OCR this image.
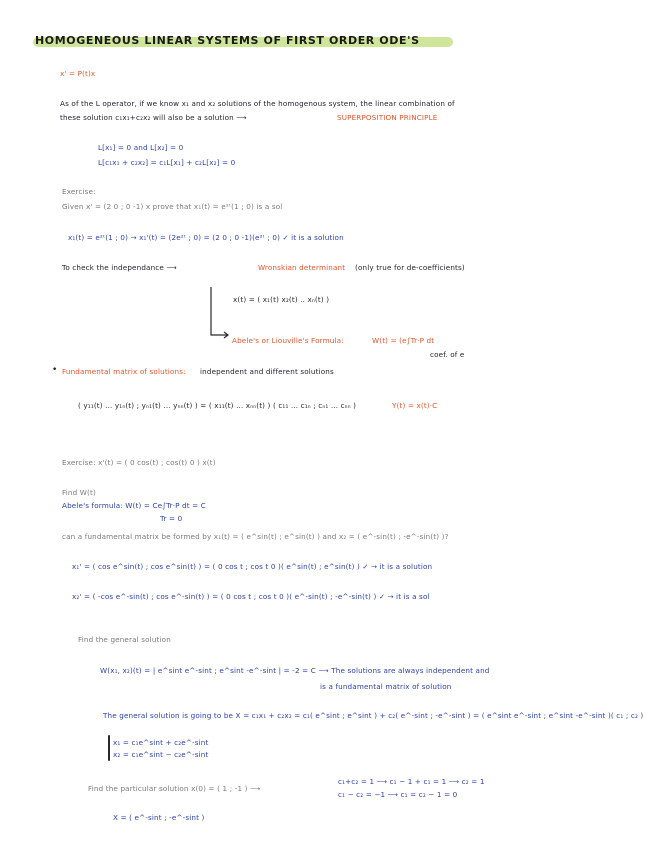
HOMOGENEOUS LINEAR SYSTEMS OF FIRST ORDER ODE'S
x' = P(t)x
As of the L operator, if we know x₁ and x₂ solutions of the homogenous system, the linear combination of
these solution c₁x₁+c₂x₂ will also be a solution ⟶	SUPERPOSITION PRINCIPLE
L[x₁] = 0 and L[x₂] = 0
L[c₁x₁ + c₂x₂] = c₁L[x₁] + c₂L[x₂] = 0
Exercise:
Given x' = (2 0 ; 0 -1) x prove that x₁(t) = e²ᵗ(1 ; 0) is a sol
x₁(t) = e²ᵗ(1 ; 0) → x₁'(t) = (2e²ᵗ ; 0) = (2 0 ; 0 -1)(e²ᵗ ; 0) ✓ it is a solution
To check the independance ⟶	Wronskian determinant (only true for de-coefficients)
x(t) = ( x₁(t) x₂(t) .. xₙ(t) )
Abele's or Liouville's Formula:	W(t) = (e∫Tr·P dt
coef. of e
• Fundamental matrix of solutions: independent and different solutions
( y₁₁(t) ... y₁ₙ(t) ; yₙ₁(t) ... yₙₙ(t) ) = ( x₁₁(t) ... xₙₙ(t) ) ( c₁₁ ... c₁ₙ ; cₙ₁ ... cₙₙ )	Y(t) = x(t)·C
Exercise: x'(t) = ( 0 cos(t) ; cos(t) 0 ) x(t)
Find W(t)
Abele's formula: W(t) = Ce∫Tr·P dt = C
Tr = 0
can a fundamental matrix be formed by x₁(t) = ( e^sin(t) ; e^sin(t) ) and x₂ = ( e^-sin(t) ; -e^-sin(t) )?
x₁' = ( cos e^sin(t) ; cos e^sin(t) ) = ( 0 cos t ; cos t 0 )( e^sin(t) ; e^sin(t) ) ✓ → it is a solution
x₂' = ( -cos e^-sin(t) ; cos e^-sin(t) ) = ( 0 cos t ; cos t 0 )( e^-sin(t) ; -e^-sin(t) ) ✓ → it is a sol
Find the general solution
W(x₁, x₂)(t) = | e^sint e^-sint ; e^sint -e^-sint | = -2 = C ⟶ The solutions are always independent and
is a fundamental matrix of solution
The general solution is going to be X = c₁x₁ + c₂x₂ = c₁( e^sint ; e^sint ) + c₂( e^-sint ; -e^-sint ) = ( e^sint e^-sint ; e^sint -e^-sint )( c₁ ; c₂ )
x₁ = c₁e^sint + c₂e^-sint
x₂ = c₁e^sint − c₂e^-sint
Find the particular solution x(0) = ( 1 ; -1 ) ⟶
c₁+c₂ = 1 ⟶ c₁ − 1 + c₁ = 1 ⟶ c₂ = 1
c₁ − c₂ = −1 ⟶ c₁ = c₂ − 1 = 0
X = ( e^-sint ; -e^-sint )
